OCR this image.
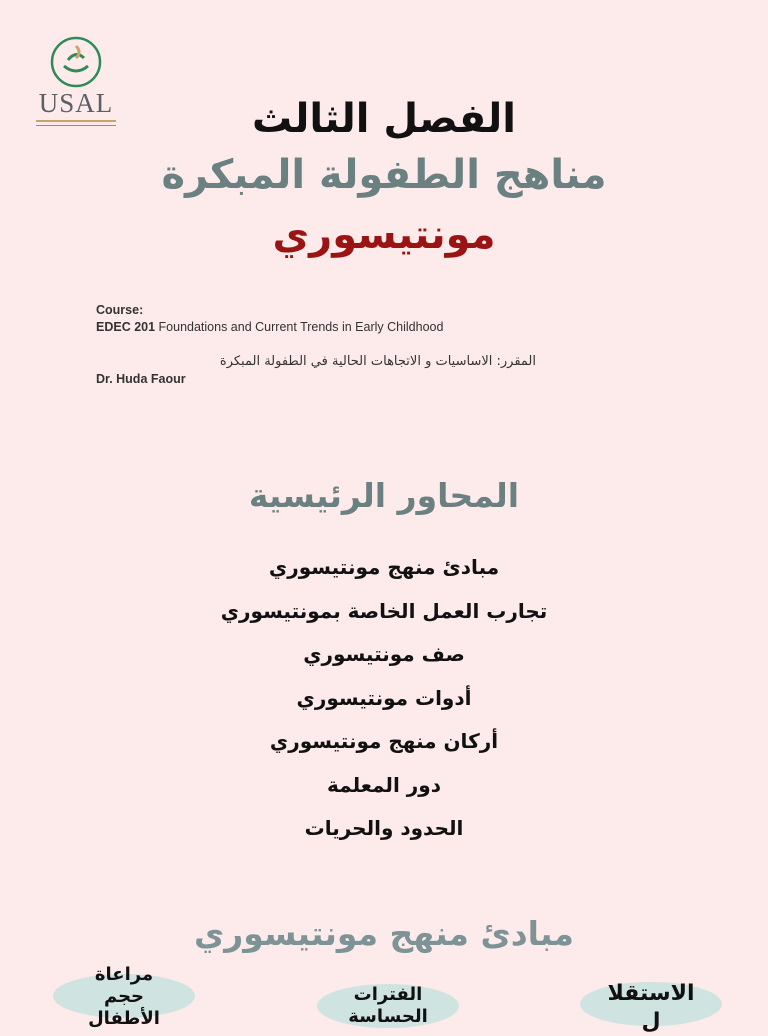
USAL	الفصل الثالث
مناهج الطفولة المبكرة
مونتيسوري
Course:
EDEC 201 Foundations and Current Trends in Early Childhood
المقرر: الاساسيات و الاتجاهات الحالية في الطفولة المبكرة
Dr. Huda Faour
المحاور الرئيسية
مبادئ منهج مونتيسوري
تجارب العمل الخاصة بمونتيسوري
صف مونتيسوري
أدوات مونتيسوري
أركان منهج مونتيسوري
دور المعلمة
الحدود والحريات
مبادئ منهج مونتيسوري
الاستقلا ل
الفترات الحساسة
مراعاة حجم الأطفال
